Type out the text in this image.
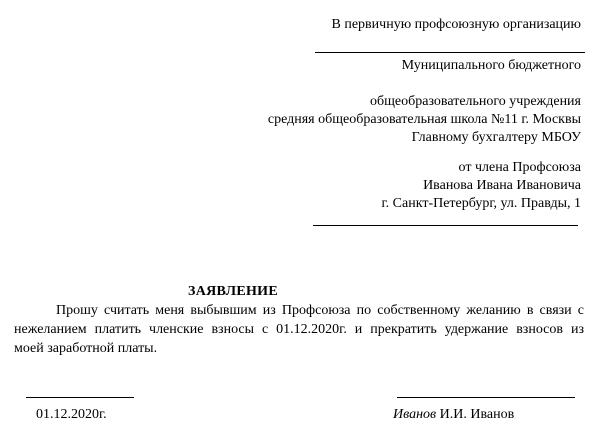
В первичную профсоюзную организацию
Муниципального бюджетного
общеобразовательного учреждения
средняя общеобразовательная школа №11 г. Москвы
Главному бухгалтеру МБОУ
от члена Профсоюза
Иванова Ивана Ивановича
г. Санкт-Петербург, ул. Правды, 1
ЗАЯВЛЕНИЕ
Прошу считать меня выбывшим из Профсоюза по собственному желанию в связи с
нежеланием платить членские взносы с 01.12.2020г. и прекратить удержание взносов из
моей заработной платы.
01.12.2020г.	Иванов И.И. Иванов
